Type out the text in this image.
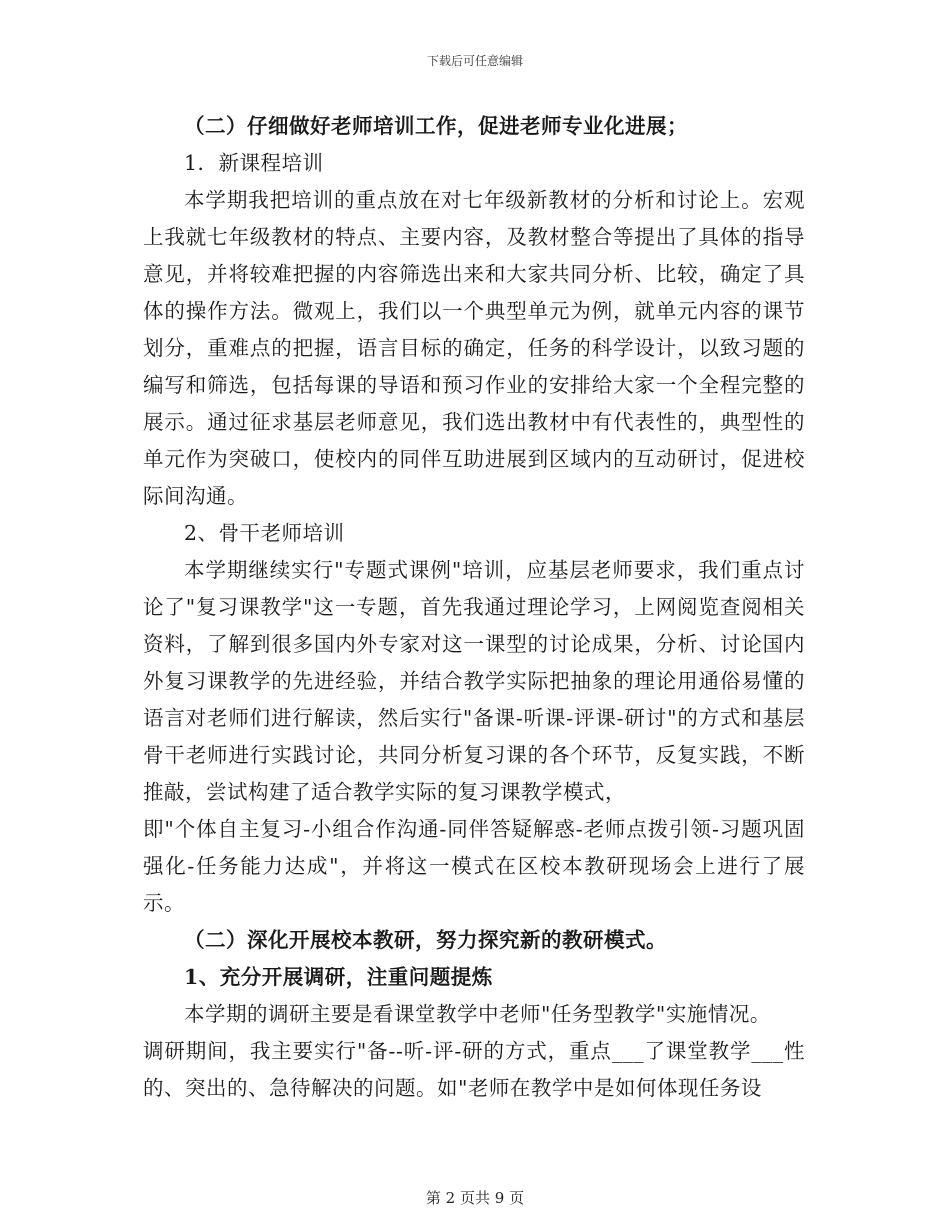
下载后可任意编辑

（二）仔细做好老师培训工作，促进老师专业化进展；

1．新课程培训

本学期我把培训的重点放在对七年级新教材的分析和讨论上。宏观上我就七年级教材的特点、主要内容，及教材整合等提出了具体的指导意见，并将较难把握的内容筛选出来和大家共同分析、比较，确定了具体的操作方法。微观上，我们以一个典型单元为例，就单元内容的课节划分，重难点的把握，语言目标的确定，任务的科学设计，以致习题的编写和筛选，包括每课的导语和预习作业的安排给大家一个全程完整的展示。通过征求基层老师意见，我们选出教材中有代表性的，典型性的单元作为突破口，使校内的同伴互助进展到区域内的互动研讨，促进校际间沟通。

2、骨干老师培训

本学期继续实行"专题式课例"培训，应基层老师要求，我们重点讨论了"复习课教学"这一专题，首先我通过理论学习，上网阅览查阅相关资料，了解到很多国内外专家对这一课型的讨论成果，分析、讨论国内外复习课教学的先进经验，并结合教学实际把抽象的理论用通俗易懂的语言对老师们进行解读，然后实行"备课-听课-评课-研讨"的方式和基层骨干老师进行实践讨论，共同分析复习课的各个环节，反复实践，不断推敲，尝试构建了适合教学实际的复习课教学模式，

即"个体自主复习-小组合作沟通-同伴答疑解惑-老师点拨引领-习题巩固强化-任务能力达成"，并将这一模式在区校本教研现场会上进行了展示。

（二）深化开展校本教研，努力探究新的教研模式。

1、充分开展调研，注重问题提炼

本学期的调研主要是看课堂教学中老师"任务型教学"实施情况。

调研期间，我主要实行"备--听-评-研的方式，重点___了课堂教学___性的、突出的、急待解决的问题。如"老师在教学中是如何体现任务设

第 2 页共 9 页
